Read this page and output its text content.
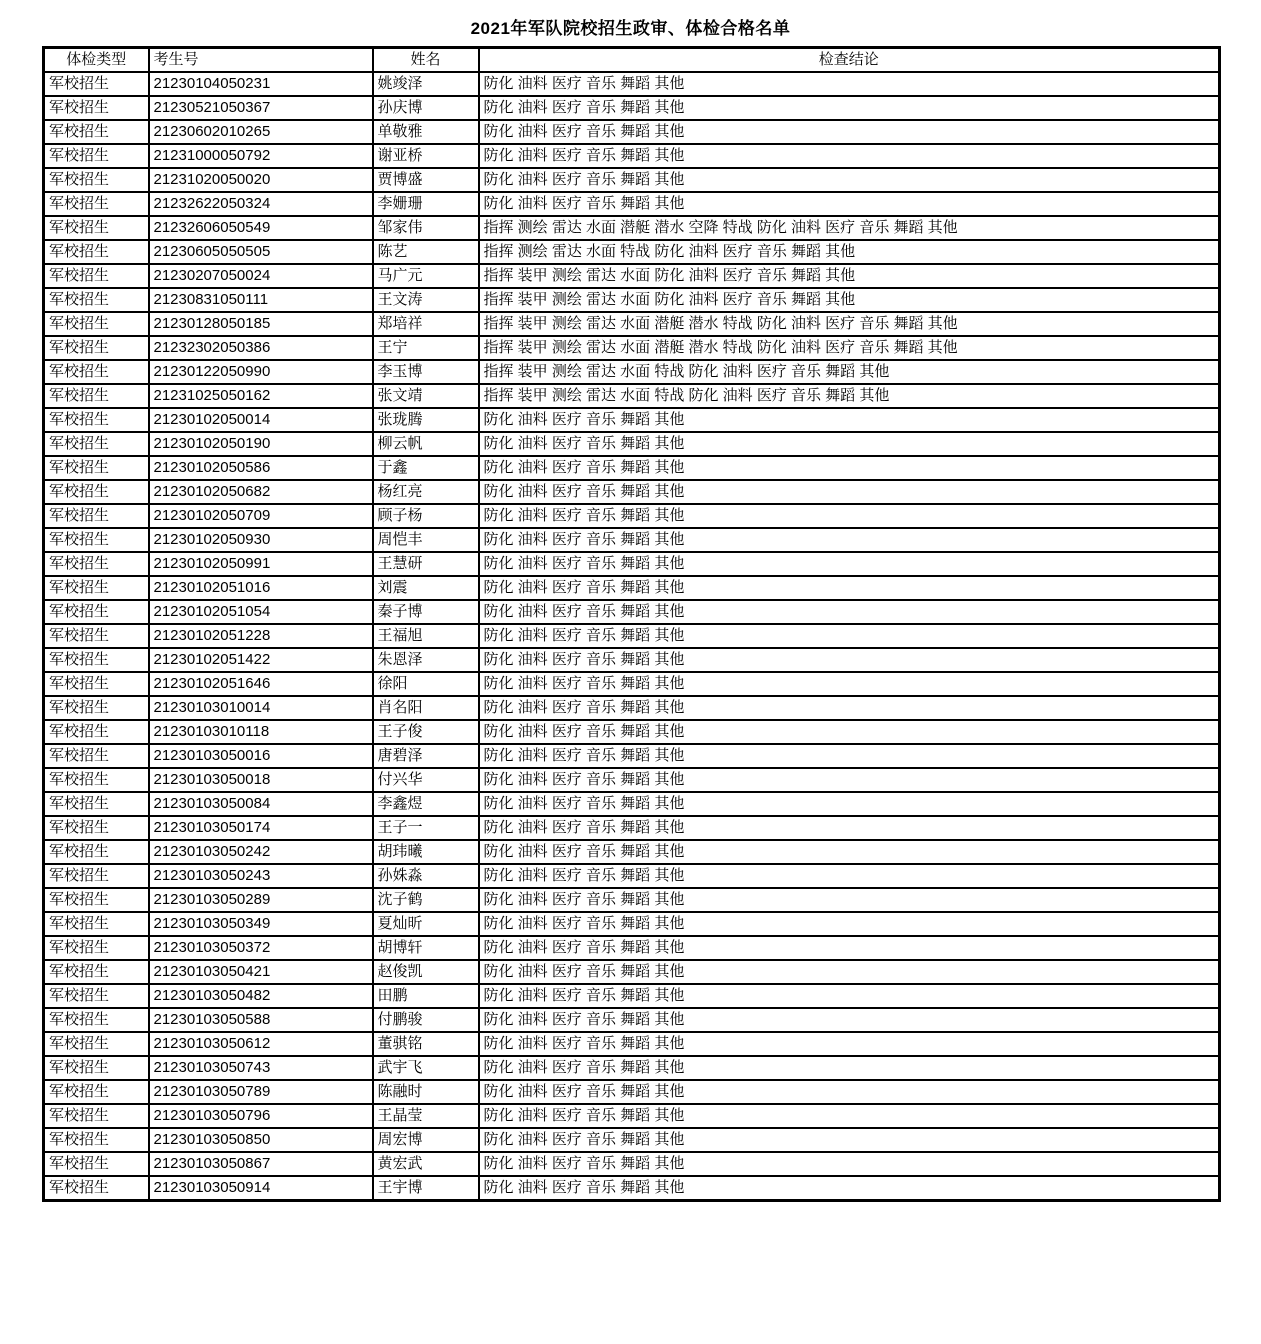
2021年军队院校招生政审、体检合格名单
体检类型	考生号	姓名	检查结论
军校招生	21230104050231	姚竣泽	防化 油料 医疗 音乐 舞蹈 其他
军校招生	21230521050367	孙庆博	防化 油料 医疗 音乐 舞蹈 其他
军校招生	21230602010265	单敬雅	防化 油料 医疗 音乐 舞蹈 其他
军校招生	21231000050792	谢亚桥	防化 油料 医疗 音乐 舞蹈 其他
军校招生	21231020050020	贾博盛	防化 油料 医疗 音乐 舞蹈 其他
军校招生	21232622050324	李姗珊	防化 油料 医疗 音乐 舞蹈 其他
军校招生	21232606050549	邹家伟	指挥 测绘 雷达 水面 潜艇 潜水 空降 特战 防化 油料 医疗 音乐 舞蹈 其他
军校招生	21230605050505	陈艺	指挥 测绘 雷达 水面 特战 防化 油料 医疗 音乐 舞蹈 其他
军校招生	21230207050024	马广元	指挥 装甲 测绘 雷达 水面 防化 油料 医疗 音乐 舞蹈 其他
军校招生	21230831050111	王文涛	指挥 装甲 测绘 雷达 水面 防化 油料 医疗 音乐 舞蹈 其他
军校招生	21230128050185	郑培祥	指挥 装甲 测绘 雷达 水面 潜艇 潜水 特战 防化 油料 医疗 音乐 舞蹈 其他
军校招生	21232302050386	王宁	指挥 装甲 测绘 雷达 水面 潜艇 潜水 特战 防化 油料 医疗 音乐 舞蹈 其他
军校招生	21230122050990	李玉博	指挥 装甲 测绘 雷达 水面 特战 防化 油料 医疗 音乐 舞蹈 其他
军校招生	21231025050162	张文靖	指挥 装甲 测绘 雷达 水面 特战 防化 油料 医疗 音乐 舞蹈 其他
军校招生	21230102050014	张珑腾	防化 油料 医疗 音乐 舞蹈 其他
军校招生	21230102050190	柳云帆	防化 油料 医疗 音乐 舞蹈 其他
军校招生	21230102050586	于鑫	防化 油料 医疗 音乐 舞蹈 其他
军校招生	21230102050682	杨红亮	防化 油料 医疗 音乐 舞蹈 其他
军校招生	21230102050709	顾子杨	防化 油料 医疗 音乐 舞蹈 其他
军校招生	21230102050930	周恺丰	防化 油料 医疗 音乐 舞蹈 其他
军校招生	21230102050991	王慧研	防化 油料 医疗 音乐 舞蹈 其他
军校招生	21230102051016	刘震	防化 油料 医疗 音乐 舞蹈 其他
军校招生	21230102051054	秦子博	防化 油料 医疗 音乐 舞蹈 其他
军校招生	21230102051228	王福旭	防化 油料 医疗 音乐 舞蹈 其他
军校招生	21230102051422	朱恩泽	防化 油料 医疗 音乐 舞蹈 其他
军校招生	21230102051646	徐阳	防化 油料 医疗 音乐 舞蹈 其他
军校招生	21230103010014	肖名阳	防化 油料 医疗 音乐 舞蹈 其他
军校招生	21230103010118	王子俊	防化 油料 医疗 音乐 舞蹈 其他
军校招生	21230103050016	唐碧泽	防化 油料 医疗 音乐 舞蹈 其他
军校招生	21230103050018	付兴华	防化 油料 医疗 音乐 舞蹈 其他
军校招生	21230103050084	李鑫煜	防化 油料 医疗 音乐 舞蹈 其他
军校招生	21230103050174	王子一	防化 油料 医疗 音乐 舞蹈 其他
军校招生	21230103050242	胡玮曦	防化 油料 医疗 音乐 舞蹈 其他
军校招生	21230103050243	孙姝淼	防化 油料 医疗 音乐 舞蹈 其他
军校招生	21230103050289	沈子鹤	防化 油料 医疗 音乐 舞蹈 其他
军校招生	21230103050349	夏灿昕	防化 油料 医疗 音乐 舞蹈 其他
军校招生	21230103050372	胡博轩	防化 油料 医疗 音乐 舞蹈 其他
军校招生	21230103050421	赵俊凯	防化 油料 医疗 音乐 舞蹈 其他
军校招生	21230103050482	田鹏	防化 油料 医疗 音乐 舞蹈 其他
军校招生	21230103050588	付鹏骏	防化 油料 医疗 音乐 舞蹈 其他
军校招生	21230103050612	董骐铭	防化 油料 医疗 音乐 舞蹈 其他
军校招生	21230103050743	武宇飞	防化 油料 医疗 音乐 舞蹈 其他
军校招生	21230103050789	陈融时	防化 油料 医疗 音乐 舞蹈 其他
军校招生	21230103050796	王晶莹	防化 油料 医疗 音乐 舞蹈 其他
军校招生	21230103050850	周宏博	防化 油料 医疗 音乐 舞蹈 其他
军校招生	21230103050867	黄宏武	防化 油料 医疗 音乐 舞蹈 其他
军校招生	21230103050914	王宇博	防化 油料 医疗 音乐 舞蹈 其他
